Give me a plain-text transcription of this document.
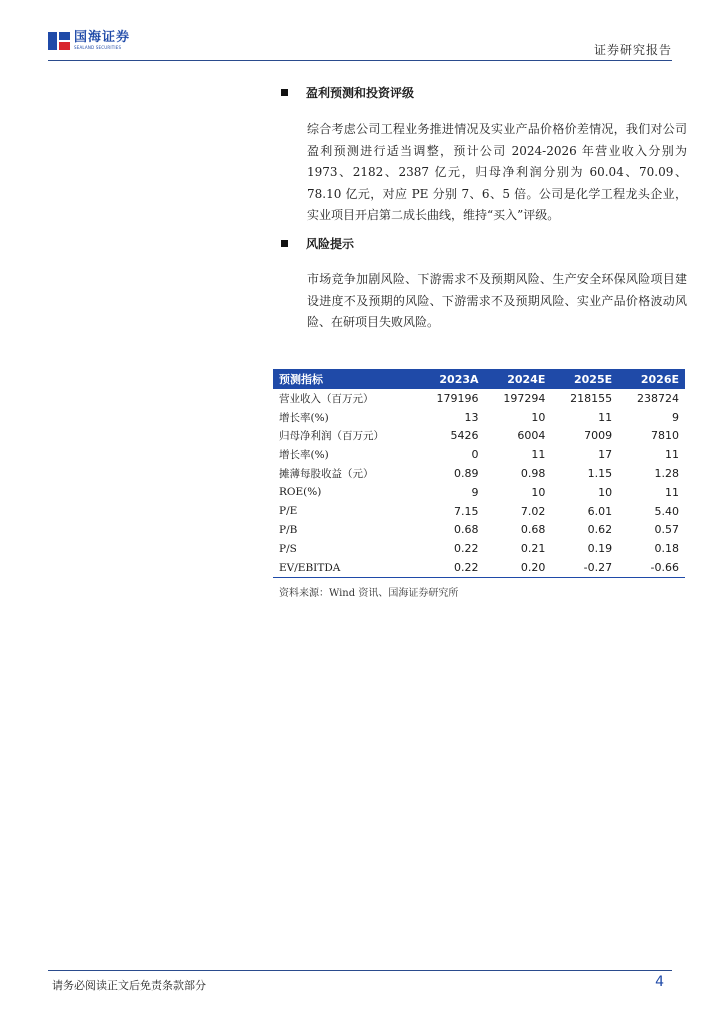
国海证券
SEALAND SECURITIES	证券研究报告
盈利预测和投资评级
综合考虑公司工程业务推进情况及实业产品价格价差情况，我们对公司盈利预测进行适当调整，预计公司 2024-2026 年营业收入分别为 1973、2182、2387 亿元，归母净利润分别为 60.04、70.09、78.10 亿元，对应 PE 分别 7、6、5 倍。公司是化学工程龙头企业，实业项目开启第二成长曲线，维持“买入”评级。
风险提示
市场竞争加剧风险、下游需求不及预期风险、生产安全环保风险项目建设进度不及预期的风险、下游需求不及预期风险、实业产品价格波动风险、在研项目失败风险。
预测指标	2023A	2024E	2025E	2026E
营业收入（百万元）	179196	197294	218155	238724
增长率(%)	13	10	11	9
归母净利润（百万元）	5426	6004	7009	7810
增长率(%)	0	11	17	11
摊薄每股收益（元）	0.89	0.98	1.15	1.28
ROE(%)	9	10	10	11
P/E	7.15	7.02	6.01	5.40
P/B	0.68	0.68	0.62	0.57
P/S	0.22	0.21	0.19	0.18
EV/EBITDA	0.22	0.20	-0.27	-0.66
资料来源：Wind 资讯、国海证券研究所
请务必阅读正文后免责条款部分	4
